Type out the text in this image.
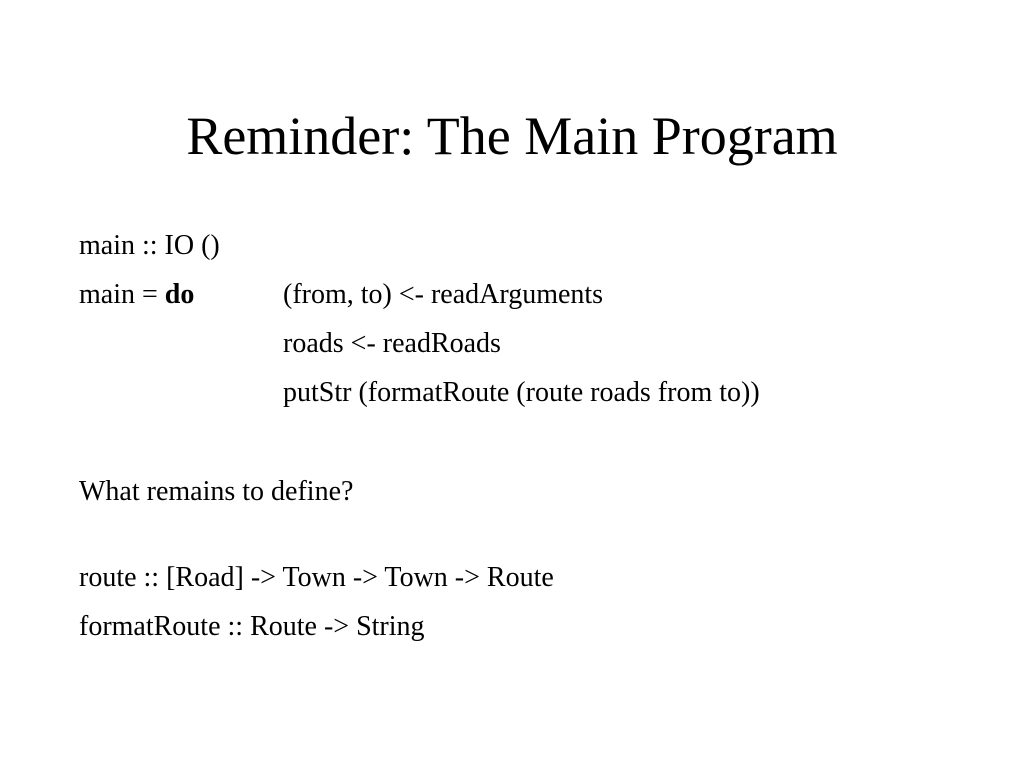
Reminder: The Main Program
main :: IO ()
main = do	(from, to) <- readArguments
roads <- readRoads
putStr (formatRoute (route roads from to))
What remains to define?
route :: [Road] -> Town -> Town -> Route
formatRoute :: Route -> String
